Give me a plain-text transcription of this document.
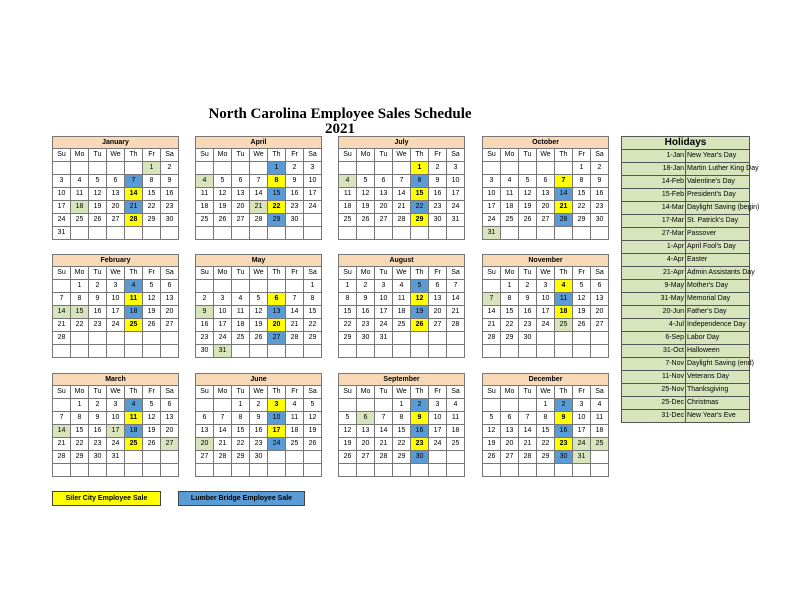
North Carolina Employee Sales Schedule
2021
January						
Su	Mo	Tu	We	Th	Fr	Sa
					1	2
3	4	5	6	7	8	9
10	11	12	13	14	15	16
17	18	19	20	21	22	23
24	25	26	27	28	29	30
31						
February						
Su	Mo	Tu	We	Th	Fr	Sa
	1	2	3	4	5	6
7	8	9	10	11	12	13
14	15	16	17	18	19	20
21	22	23	24	25	26	27
28						

March						
Su	Mo	Tu	We	Th	Fr	Sa
	1	2	3	4	5	6
7	8	9	10	11	12	13
14	15	16	17	18	19	20
21	22	23	24	25	26	27
28	29	30	31			

April						
Su	Mo	Tu	We	Th	Fr	Sa
				1	2	3
4	5	6	7	8	9	10
11	12	13	14	15	16	17
18	19	20	21	22	23	24
25	26	27	28	29	30	

May						
Su	Mo	Tu	We	Th	Fr	Sa
						1
2	3	4	5	6	7	8
9	10	11	12	13	14	15
16	17	18	19	20	21	22
23	24	25	26	27	28	29
30	31					
June						
Su	Mo	Tu	We	Th	Fr	Sa
		1	2	3	4	5
6	7	8	9	10	11	12
13	14	15	16	17	18	19
20	21	22	23	24	25	26
27	28	29	30			

July						
Su	Mo	Tu	We	Th	Fr	Sa
				1	2	3
4	5	6	7	8	9	10
11	12	13	14	15	16	17
18	19	20	21	22	23	24
25	26	27	28	29	30	31

August						
Su	Mo	Tu	We	Th	Fr	Sa
1	2	3	4	5	6	7
8	9	10	11	12	13	14
15	16	17	18	19	20	21
22	23	24	25	26	27	28
29	30	31				

September						
Su	Mo	Tu	We	Th	Fr	Sa
			1	2	3	4
5	6	7	8	9	10	11
12	13	14	15	16	17	18
19	20	21	22	23	24	25
26	27	28	29	30		

October						
Su	Mo	Tu	We	Th	Fr	Sa
					1	2
3	4	5	6	7	8	9
10	11	12	13	14	15	16
17	18	19	20	21	22	23
24	25	26	27	28	29	30
31						
November						
Su	Mo	Tu	We	Th	Fr	Sa
	1	2	3	4	5	6
7	8	9	10	11	12	13
14	15	16	17	18	19	20
21	22	23	24	25	26	27
28	29	30				

December						
Su	Mo	Tu	We	Th	Fr	Sa
			1	2	3	4
5	6	7	8	9	10	11
12	13	14	15	16	17	18
19	20	21	22	23	24	25
26	27	28	29	30	31	

Holidays	
1-Jan	New Year's Day
18-Jan	Martin Luther King Day
14-Feb	Valentine's Day
15-Feb	President's Day
14-Mar	Daylight Saving (begin)
17-Mar	St. Patrick's Day
27-Mar	Passover
1-Apr	April Fool's Day
4-Apr	Easter
21-Apr	Admin Assistants Day
9-May	Mother's Day
31-May	Memorial Day
20-Jun	Father's Day
4-Jul	Independence Day
6-Sep	Labor Day
31-Oct	Halloween
7-Nov	Daylight Saving (end)
11-Nov	Veterans Day
25-Nov	Thanksgiving
25-Dec	Christmas
31-Dec	New Year's Eve
Siler City Employee Sale	Lumber Bridge Employee Sale
